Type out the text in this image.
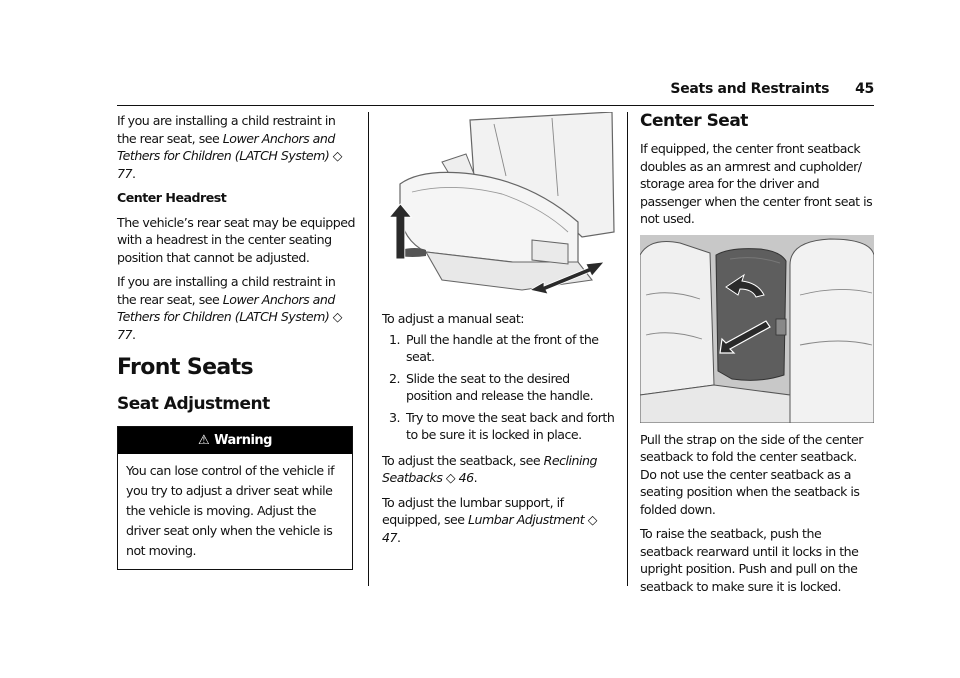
Seats and Restraints 45

If you are installing a child restraint in the rear seat, see Lower Anchors and Tethers for Children (LATCH System) ◇ 77.

Center Headrest

The vehicle’s rear seat may be equipped with a headrest in the center seating position that cannot be adjusted.

If you are installing a child restraint in the rear seat, see Lower Anchors and Tethers for Children (LATCH System) ◇ 77.

Front Seats
Seat Adjustment
⚠ Warning
You can lose control of the vehicle if you try to adjust a driver seat while the vehicle is moving. Adjust the driver seat only when the vehicle is not moving.

To adjust a manual seat:

1. Pull the handle at the front of the seat.
2. Slide the seat to the desired position and release the handle.
3. Try to move the seat back and forth to be sure it is locked in place.

To adjust the seatback, see Reclining Seatbacks ◇ 46.

To adjust the lumbar support, if equipped, see Lumbar Adjustment ◇ 47.

Center Seat

If equipped, the center front seatback doubles as an armrest and cupholder/ storage area for the driver and passenger when the center front seat is not used.

Pull the strap on the side of the center seatback to fold the center seatback. Do not use the center seatback as a seating position when the seatback is folded down.

To raise the seatback, push the seatback rearward until it locks in the upright position. Push and pull on the seatback to make sure it is locked.
